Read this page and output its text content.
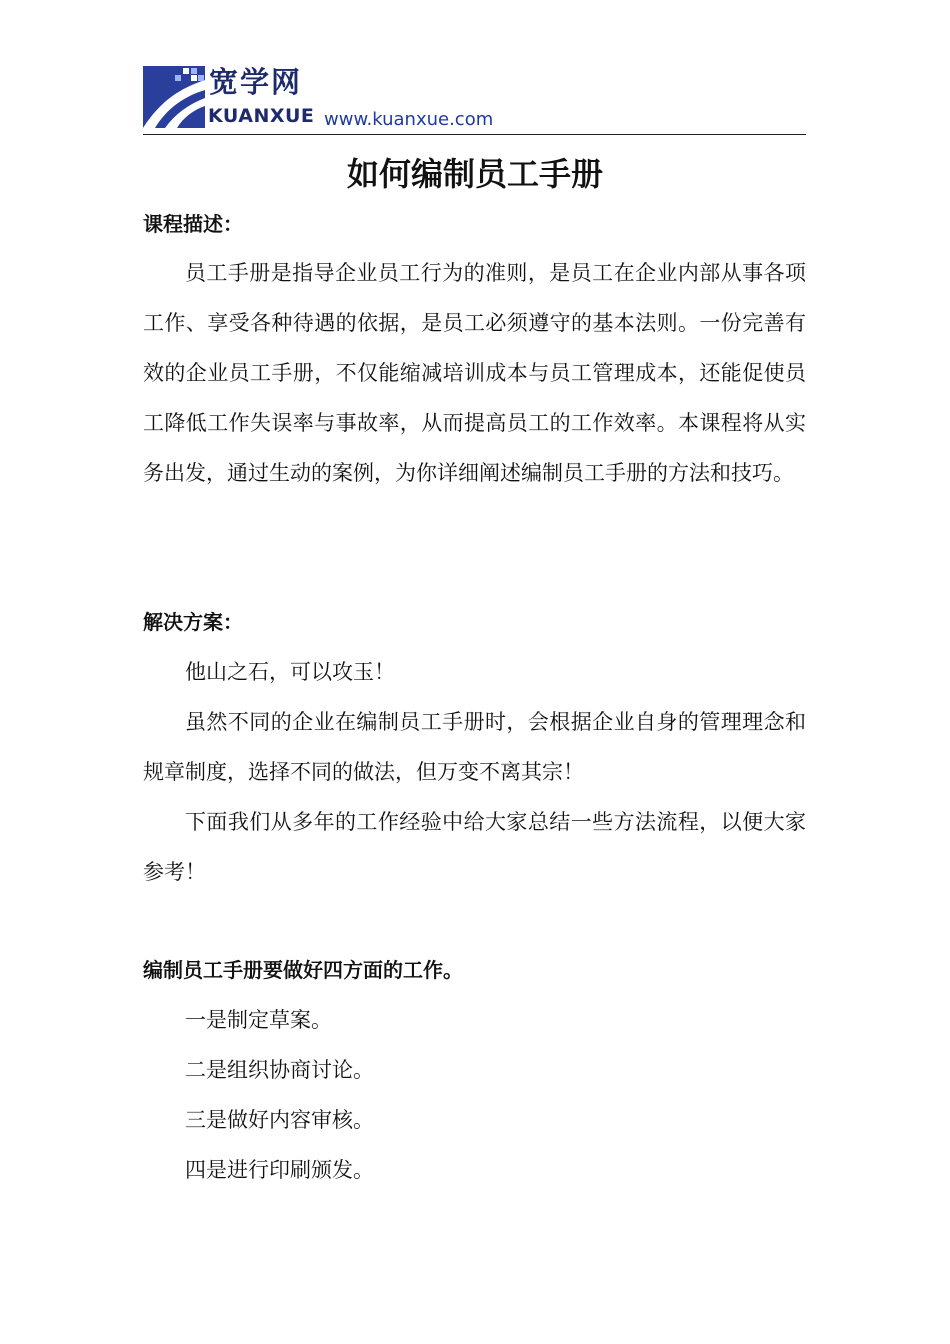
宽学网
KUANXUE www.kuanxue.com
如何编制员工手册
课程描述：
员工手册是指导企业员工行为的准则，是员工在企业内部从事各项工作、享受各种待遇的依据，是员工必须遵守的基本法则。一份完善有效的企业员工手册，不仅能缩减培训成本与员工管理成本，还能促使员工降低工作失误率与事故率，从而提高员工的工作效率。本课程将从实务出发，通过生动的案例，为你详细阐述编制员工手册的方法和技巧。
解决方案：
他山之石，可以攻玉！
虽然不同的企业在编制员工手册时，会根据企业自身的管理理念和规章制度，选择不同的做法，但万变不离其宗！
下面我们从多年的工作经验中给大家总结一些方法流程，以便大家参考！
编制员工手册要做好四方面的工作。
一是制定草案。
二是组织协商讨论。
三是做好内容审核。
四是进行印刷颁发。
